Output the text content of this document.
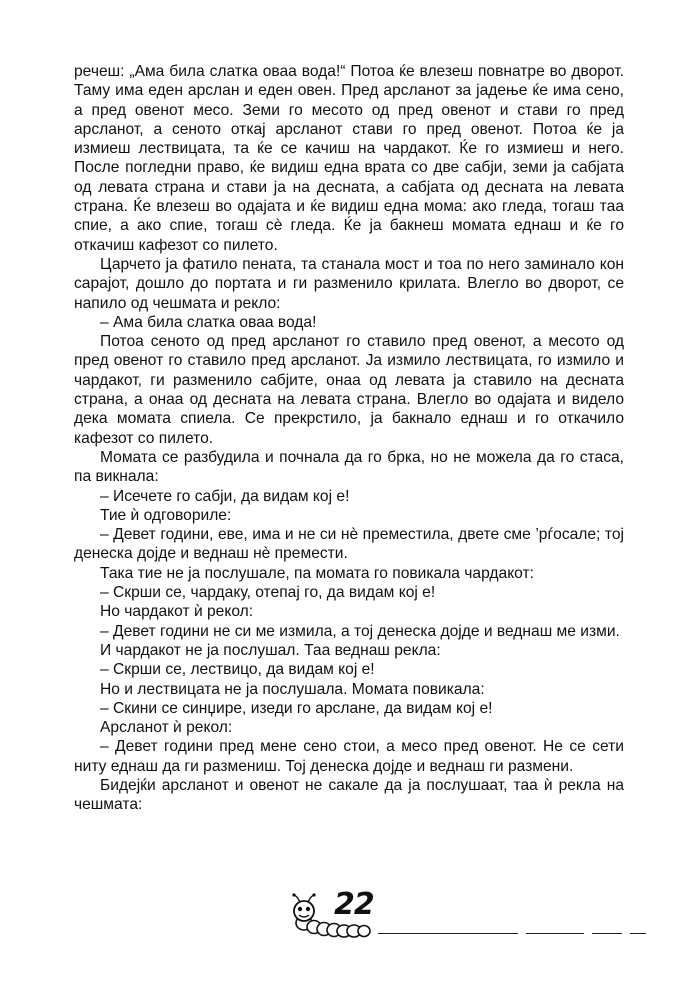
речеш: „Ама била слатка оваа вода!“ Потоа ќе влезеш повнатре во дворот. Таму има еден арслан и еден овен. Пред арсланот за јадење ќе има сено, а пред овенот месо. Земи го месото од пред овенот и стави го пред арсланот, а сеното откај арсланот стави го пред овенот. Потоа ќе ја измиеш лествицата, та ќе се качиш на чардакот. Ќе го измиеш и него. После погледни право, ќе видиш една врата со две сабји, земи ја сабјата од левата страна и стави ја на десната, а сабјата од десната на левата страна. Ќе влезеш во одајата и ќе видиш една мома: ако гледа, тогаш таа спие, а ако спие, тогаш сè гледа. Ќе ја бакнеш момата еднаш и ќе го откачиш кафезот со пилето.

Царчето ја фатило пената, та станала мост и тоа по него заминало кон сарајот, дошло до портата и ги разменило крилата. Влегло во дворот, се напило од чешмата и рекло:

– Ама била слатка оваа вода!

Потоа сеното од пред арсланот го ставило пред овенот, а месото од пред овенот го ставило пред арсланот. Ја измило лествицата, го измило и чардакот, ги разменило сабјите, онаа од левата ја ставило на десната страна, а онаа од десната на левата страна. Влегло во одајата и видело дека момата спиела. Се прекрстило, ја бакнало еднаш и го откачило кафезот со пилето.

Момата се разбудила и почнала да го брка, но не можела да го стаса, па викнала:

– Исечете го сабји, да видам кој е!

Тие ѝ одговориле:

– Девет години, еве, има и не си нè преместила, двете сме ’рѓосале; тој денеска дојде и веднаш нè премести.

Така тие не ја послушале, па момата го повикала чардакот:

– Скрши се, чардаку, отепај го, да видам кој е!

Но чардакот ѝ рекол:

– Девет години не си ме измила, а тој денеска дојде и веднаш ме изми.

И чардакот не ја послушал. Таа веднаш рекла:

– Скрши се, лествицо, да видам кој е!

Но и лествицата не ја послушала. Момата повикала:

– Скини се синџире, изеди го арслане, да видам кој е!

Арсланот ѝ рекол:

– Девет години пред мене сено стои, а месо пред овенот. Не се сети ниту еднаш да ги размениш. Тој денеска дојде и веднаш ги размени.

Бидејќи арсланот и овенот не сакале да ја послушаат, таа ѝ рекла на чешмата:

22
